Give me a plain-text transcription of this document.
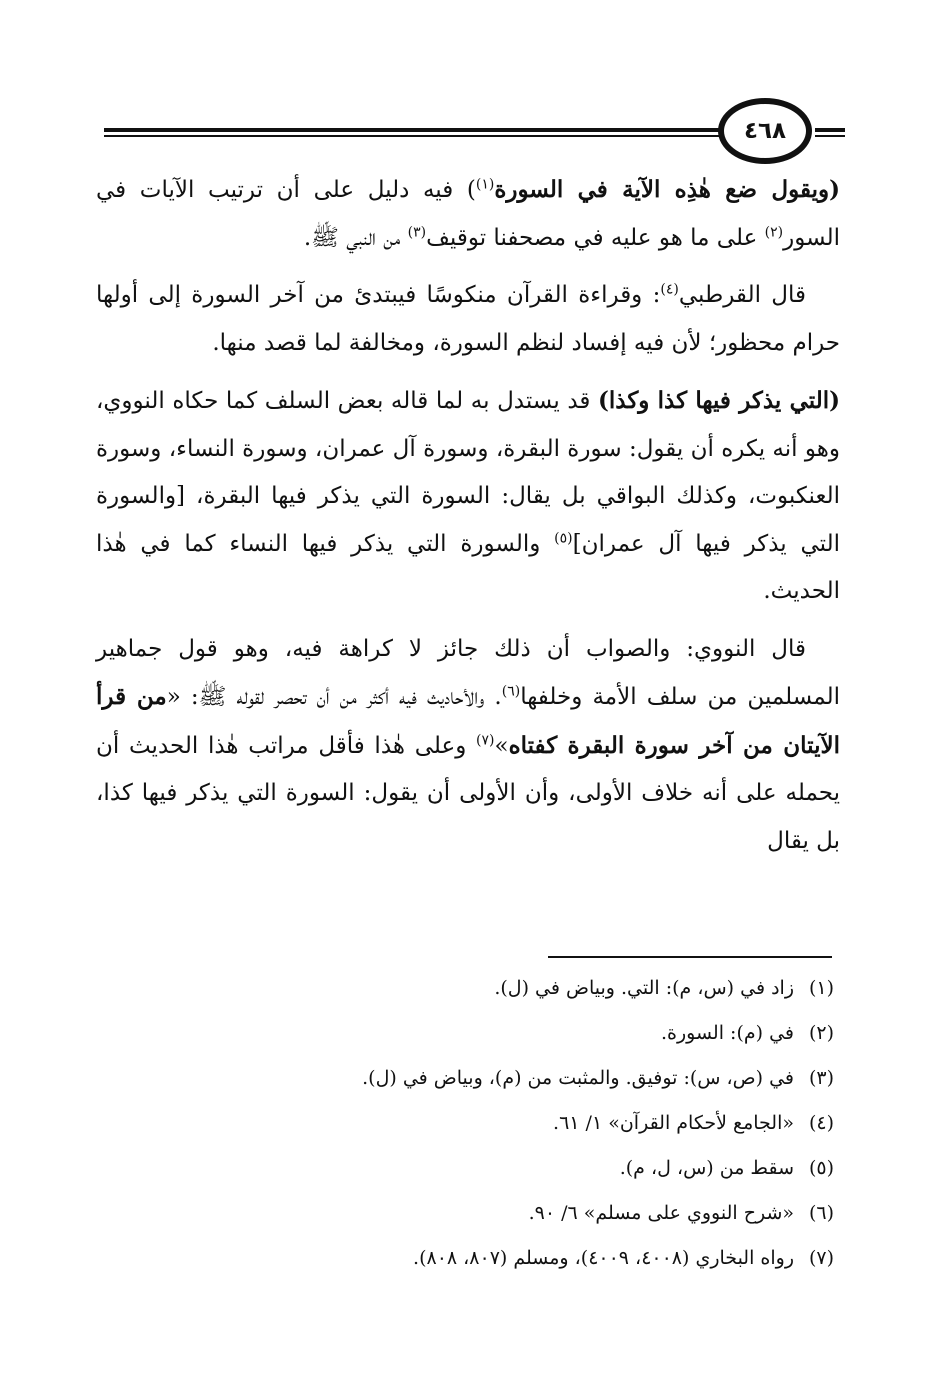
٤٦٨

(ويقول ضع هٰذِه الآية في السورة$^{(١)}$) فيه دليل على أن ترتيب الآيات في السور$^{(٢)}$ على ما هو عليه في مصحفنا توقيف$^{(٣)}$ من النبي ﷺ.

قال القرطبي$^{(٤)}$: وقراءة القرآن منكوسًا فيبتدئ من آخر السورة إلى أولها حرام محظور؛ لأن فيه إفساد لنظم السورة، ومخالفة لما قصد منها.

(التي يذكر فيها كذا وكذا) قد يستدل به لما قاله بعض السلف كما حكاه النووي، وهو أنه يكره أن يقول: سورة البقرة، وسورة آل عمران، وسورة النساء، وسورة العنكبوت، وكذلك البواقي بل يقال: السورة التي يذكر فيها البقرة، [والسورة التي يذكر فيها آل عمران]$^{(٥)}$ والسورة التي يذكر فيها النساء كما في هٰذا الحديث.

قال النووي: والصواب أن ذلك جائز لا كراهة فيه، وهو قول جماهير المسلمين من سلف الأمة وخلفها$^{(٦)}$. والأحاديث فيه أكثر من أن تحصر لقوله ﷺ: «من قرأ الآيتان من آخر سورة البقرة كفتاه»$^{(٧)}$ وعلى هٰذا فأقل مراتب هٰذا الحديث أن يحمله على أنه خلاف الأولى، وأن الأولى أن يقول: السورة التي يذكر فيها كذا، بل يقال

(١)زاد في (س، م): التي. وبياض في (ل).

(٢)في (م): السورة.

(٣)في (ص، س): توفيق. والمثبت من (م)، وبياض في (ل).

(٤)«الجامع لأحكام القرآن» ١/ ٦١.

(٥)سقط من (س، ل، م).

(٦)«شرح النووي على مسلم» ٦/ ٩٠.

(٧)رواه البخاري (٤٠٠٨، ٤٠٠٩)، ومسلم (٨٠٧، ٨٠٨).
